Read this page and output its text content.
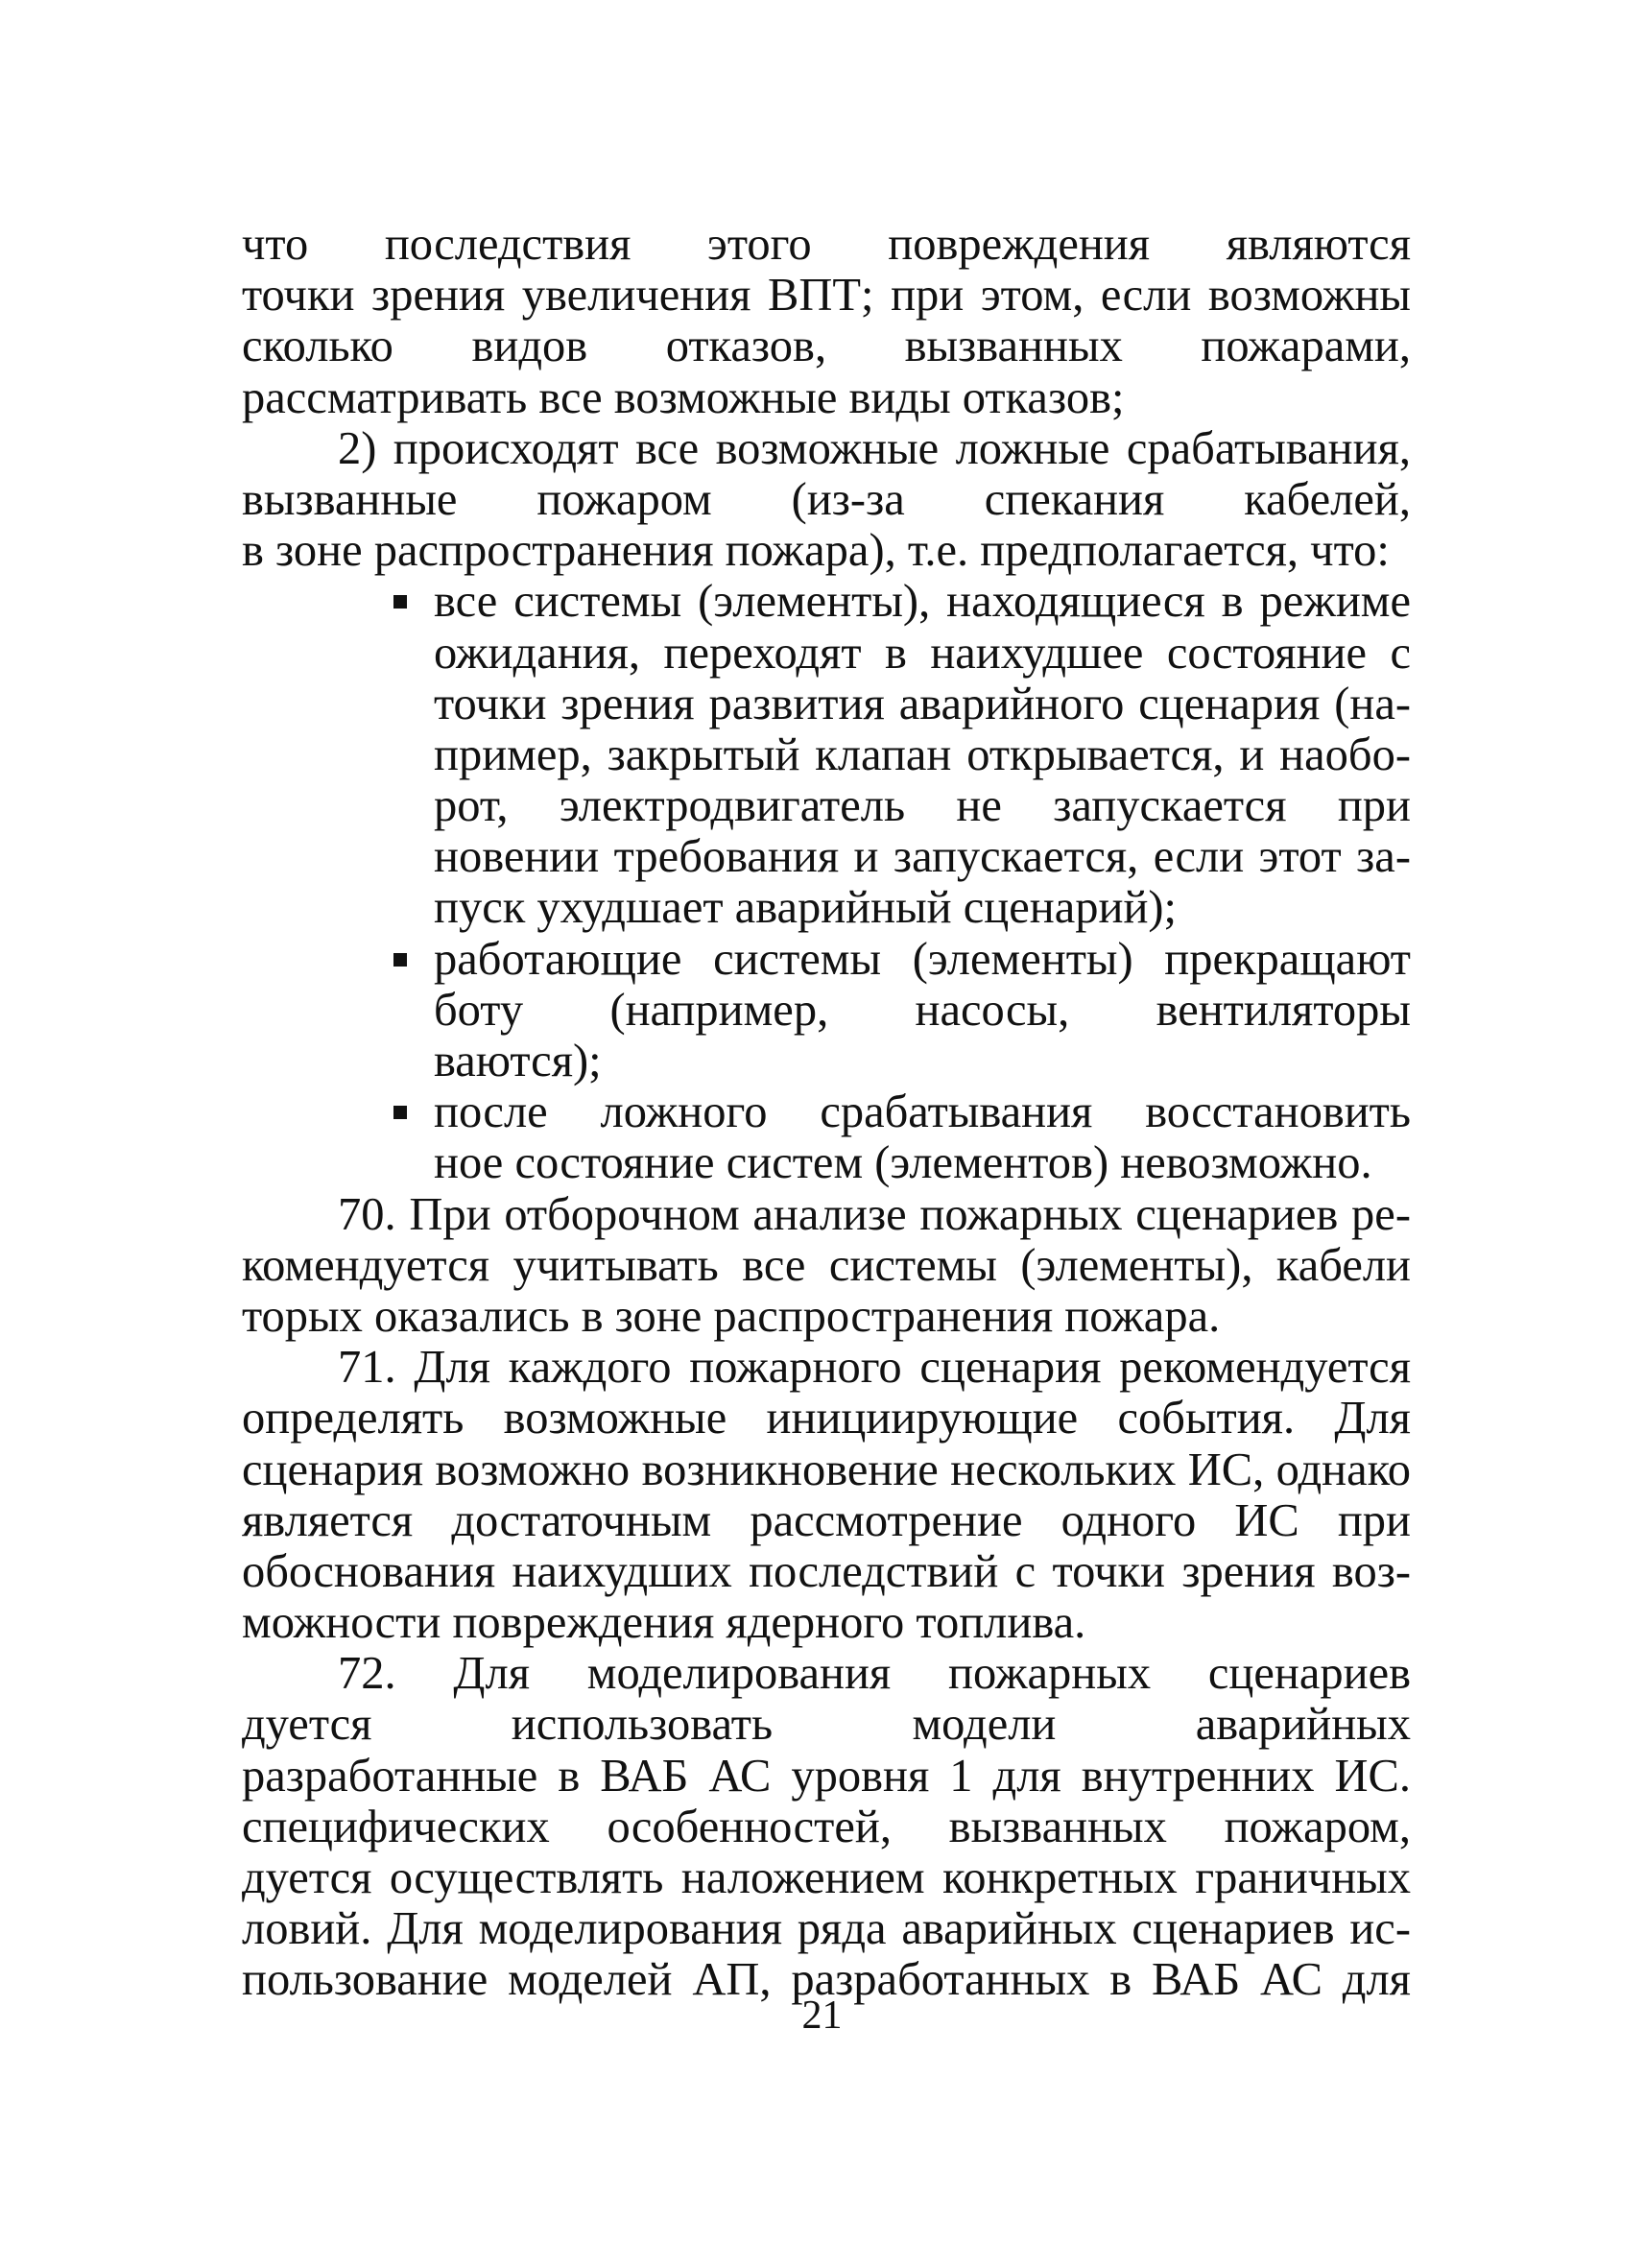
что последствия этого повреждения являются
точки зрения увеличения ВПТ; при этом, если возможны
сколько видов отказов, вызванных пожарами,
рассматривать все возможные виды отказов;
2) происходят все возможные ложные срабатывания,
вызванные пожаром (из-за спекания кабелей,
в зоне распространения пожара), т.е. предполагается, что:
все системы (элементы), находящиеся в режиме
ожидания, переходят в наихудшее состояние с
точки зрения развития аварийного сценария (на-
пример, закрытый клапан открывается, и наобо-
рот, электродвигатель не запускается при
новении требования и запускается, если этот за-
пуск ухудшает аварийный сценарий);
работающие системы (элементы) прекращают
боту (например, насосы, вентиляторы
ваются);
после ложного срабатывания восстановить
ное состояние систем (элементов) невозможно.
70. При отборочном анализе пожарных сценариев ре-
комендуется учитывать все системы (элементы), кабели
торых оказались в зоне распространения пожара.
71. Для каждого пожарного сценария рекомендуется
определять возможные инициирующие события. Для
сценария возможно возникновение нескольких ИС, однако
является достаточным рассмотрение одного ИС при
обоснования наихудших последствий с точки зрения воз-
можности повреждения ядерного топлива.
72. Для моделирования пожарных сценариев
дуется использовать модели аварийных
разработанные в ВАБ АС уровня 1 для внутренних ИС.
специфических особенностей, вызванных пожаром,
дуется осуществлять наложением конкретных граничных
ловий. Для моделирования ряда аварийных сценариев ис-
пользование моделей АП, разработанных в ВАБ АС для
21
